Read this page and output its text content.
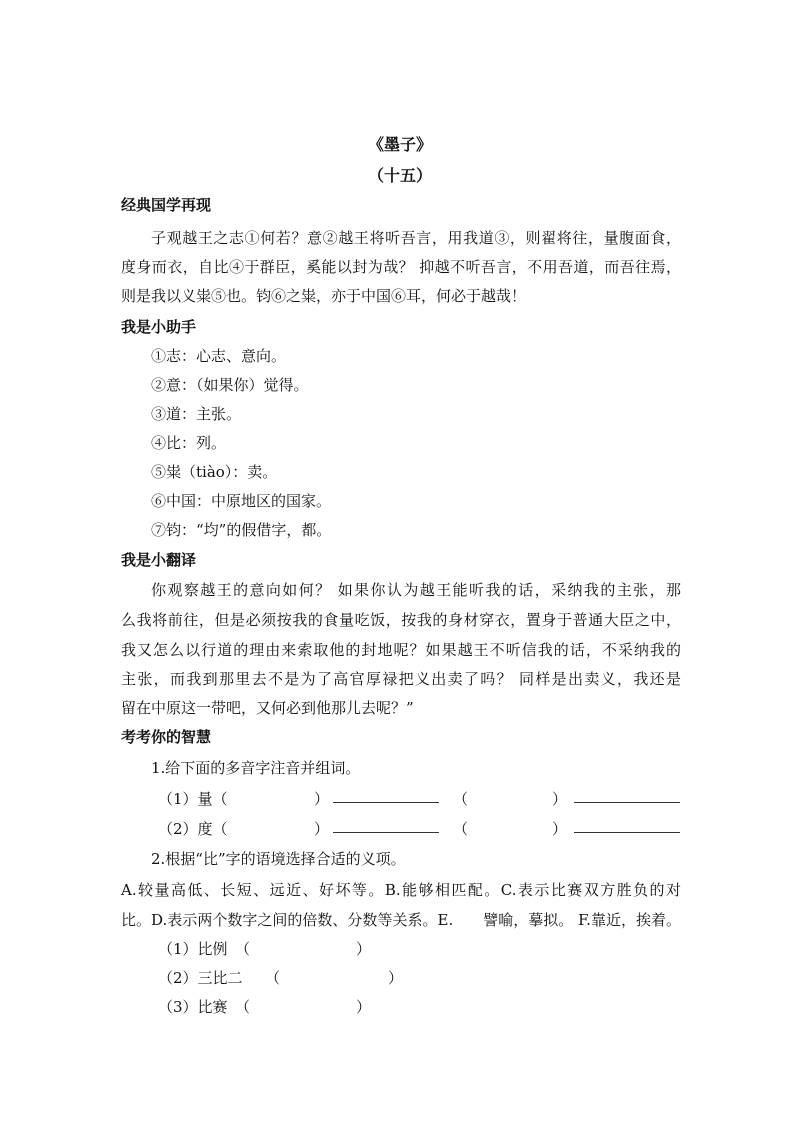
《墨子》
（十五）
经典国学再现
子观越王之志①何若？意②越王将听吾言，用我道③，则翟将往，量腹面食，
度身而衣，自比④于群臣，奚能以封为哉？ 抑越不听吾言，不用吾道，而吾往焉，
则是我以义粜⑤也。钧⑥之粜，亦于中国⑥耳，何必于越哉！
我是小助手
①志：心志、意向。
②意：（如果你）觉得。
③道：主张。
④比：列。
⑤粜（tiào）：卖。
⑥中国：中原地区的国家。
⑦钧：“均”的假借字，都。
我是小翻译
你观察越王的意向如何？ 如果你认为越王能听我的话，采纳我的主张，那
么我将前往，但是必须按我的食量吃饭，按我的身材穿衣，置身于普通大臣之中，
我又怎么以行道的理由来索取他的封地呢？如果越王不听信我的话，不采纳我的
主张，而我到那里去不是为了高官厚禄把义出卖了吗？ 同样是出卖义，我还是
留在中原这一带吧，又何必到他那儿去呢？”
考考你的智慧
1.给下面的多音字注音并组词。
（1）量（	）	（	）
（2）度（	）	（	）
2.根据“比”字的语境选择合适的义项。
A.较量高低、长短、远近、好坏等。B.能够相匹配。C.表示比赛双方胜负的对
比。D.表示两个数字之间的倍数、分数等关系。E.　　譬喻，摹拟。 F.靠近，挨着。
（1）比例　（	）
（2）三比二　　（	）
（3）比赛　（	）
